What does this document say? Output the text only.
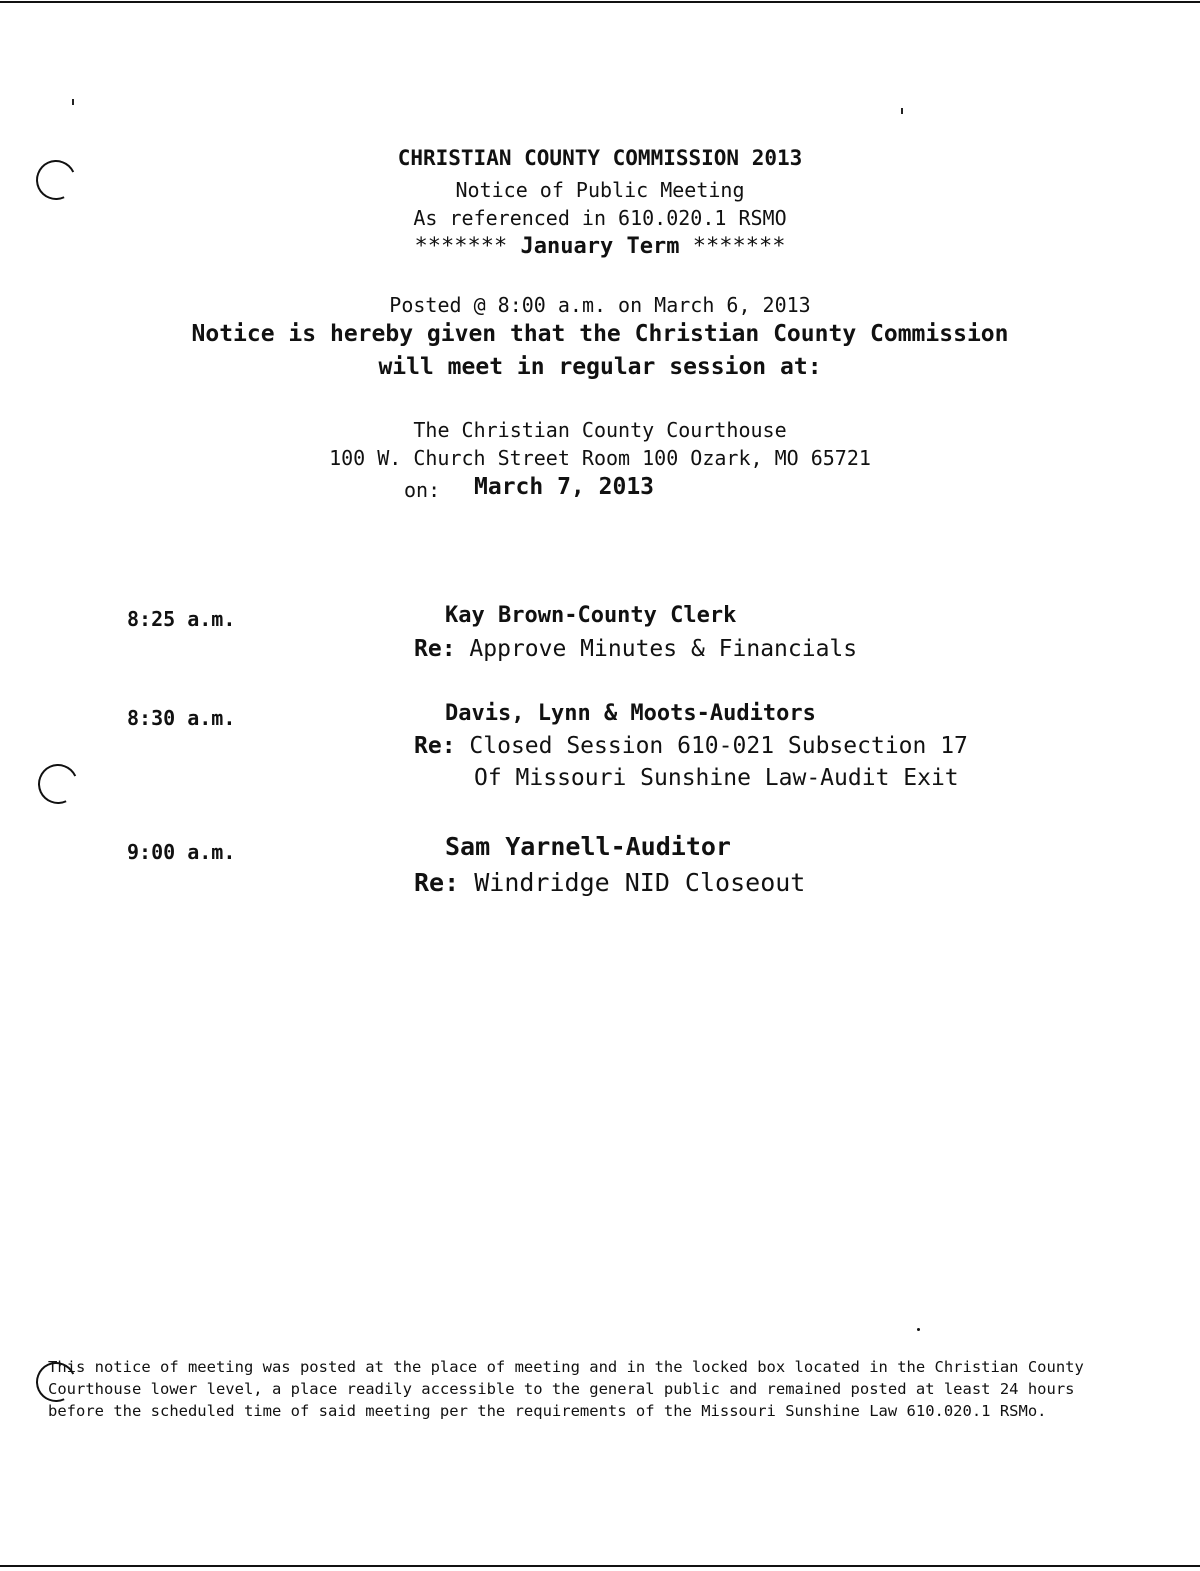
CHRISTIAN COUNTY COMMISSION 2013
Notice of Public Meeting
As referenced in 610.020.1 RSMO
******* January Term *******
Posted @ 8:00 a.m. on March 6, 2013
Notice is hereby given that the Christian County Commission
will meet in regular session at:
The Christian County Courthouse
100 W. Church Street Room 100 Ozark, MO 65721
on: March 7, 2013
8:25 a.m.	Kay Brown-County Clerk
Re: Approve Minutes & Financials
8:30 a.m.	Davis, Lynn & Moots-Auditors
Re: Closed Session 610-021 Subsection 17
Of Missouri Sunshine Law-Audit Exit
9:00 a.m.	Sam Yarnell-Auditor
Re: Windridge NID Closeout
This notice of meeting was posted at the place of meeting and in the locked box located in the Christian County
Courthouse lower level, a place readily accessible to the general public and remained posted at least 24 hours
before the scheduled time of said meeting per the requirements of the Missouri Sunshine Law 610.020.1 RSMo.
